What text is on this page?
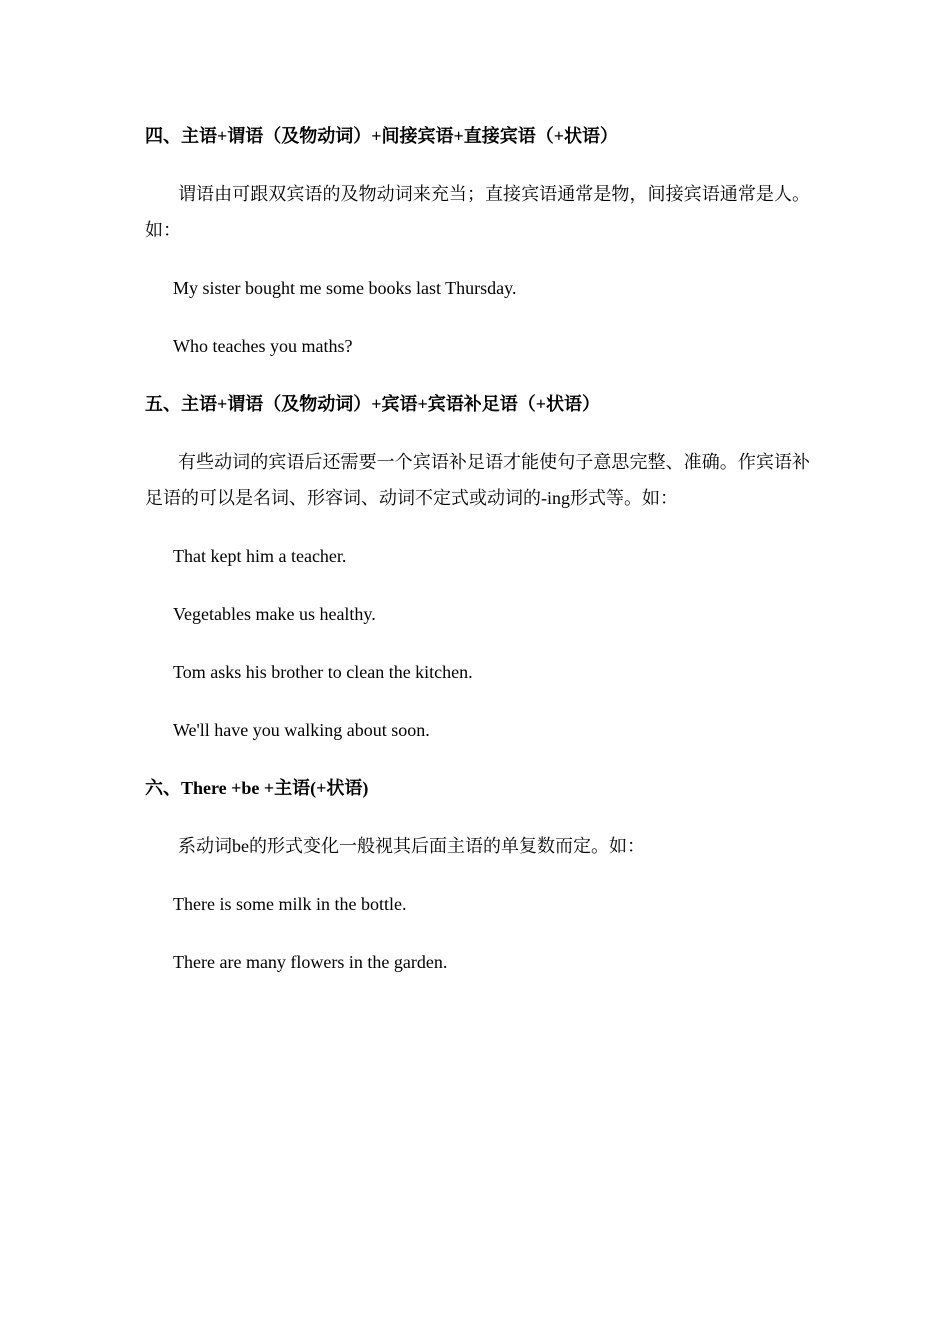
四、主语+谓语（及物动词）+间接宾语+直接宾语（+状语）

谓语由可跟双宾语的及物动词来充当；直接宾语通常是物，间接宾语通常是人。如：

My sister bought me some books last Thursday.
Who teaches you maths?
五、主语+谓语（及物动词）+宾语+宾语补足语（+状语）

有些动词的宾语后还需要一个宾语补足语才能使句子意思完整、准确。作宾语补足语的可以是名词、形容词、动词不定式或动词的-ing形式等。如：

That kept him a teacher.
Vegetables make us healthy.
Tom asks his brother to clean the kitchen.
We'll have you walking about soon.
六、There +be +主语(+状语)

系动词be的形式变化一般视其后面主语的单复数而定。如：

There is some milk in the bottle.
There are many flowers in the garden.
